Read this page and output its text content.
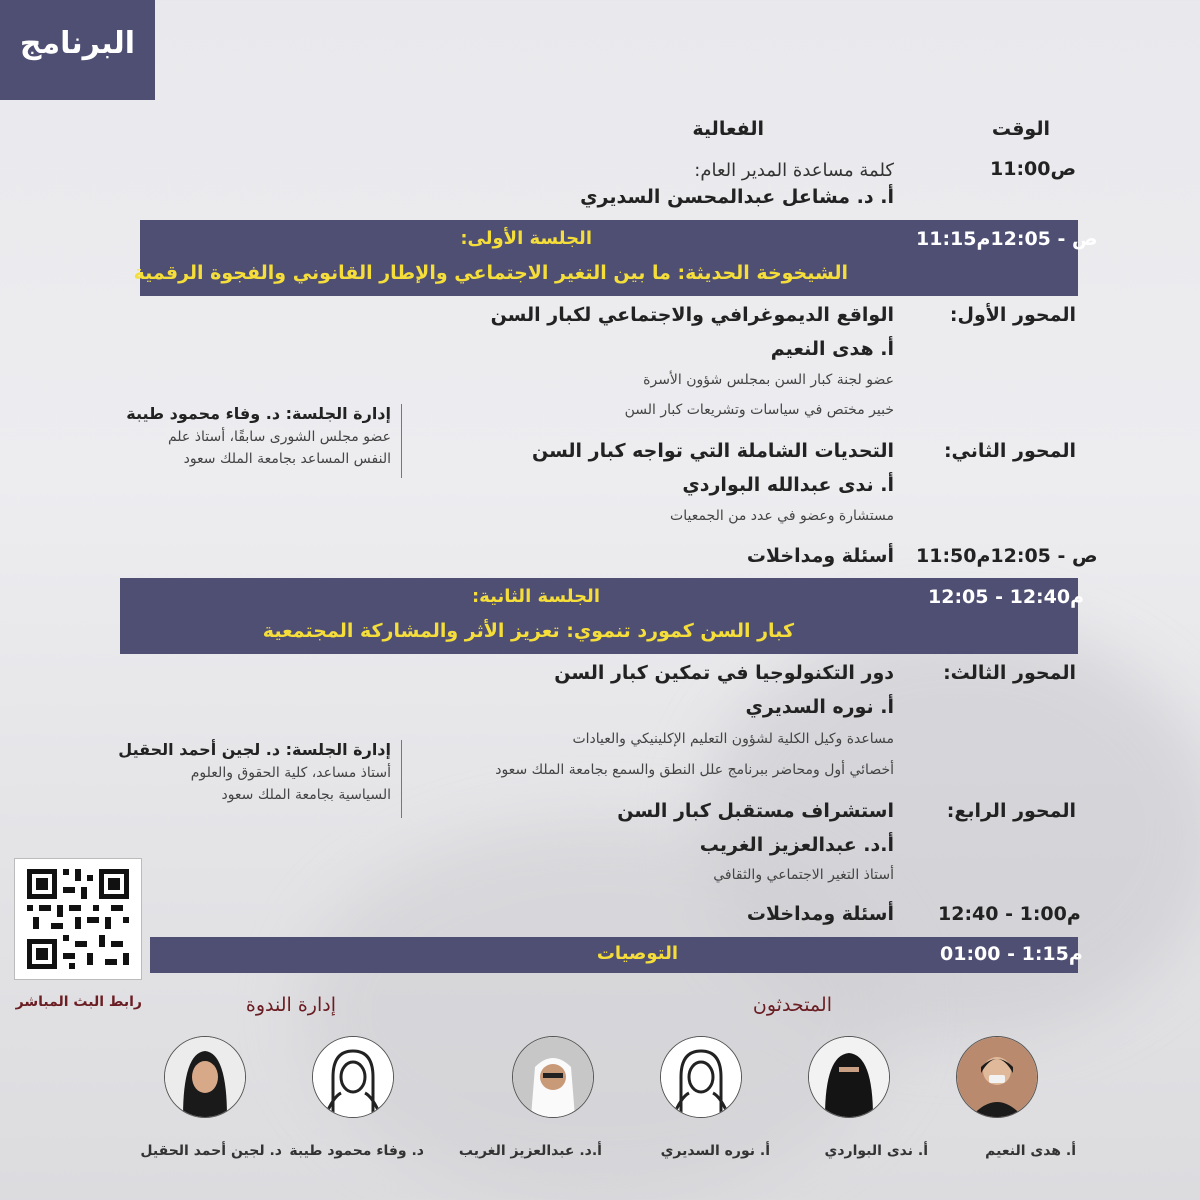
البرنامج
الوقت
الفعالية
11:00ص
كلمة مساعدة المدير العام:
أ. د. مشاعل عبدالمحسن السديري
11:15ص - 12:05م
الجلسة الأولى:
الشيخوخة الحديثة: ما بين التغير الاجتماعي والإطار القانوني والفجوة الرقمية
المحور الأول:
الواقع الديموغرافي والاجتماعي لكبار السن
أ. هدى النعيم
عضو لجنة كبار السن بمجلس شؤون الأسرة
خبير مختص في سياسات وتشريعات كبار السن
إدارة الجلسة: د. وفاء محمود طيبة
عضو مجلس الشورى سابقًا، أستاذ علم
النفس المساعد بجامعة الملك سعود	المحور الثاني:
التحديات الشاملة التي تواجه كبار السن
أ. ندى عبدالله البواردي
مستشارة وعضو في عدد من الجمعيات
11:50ص - 12:05م
أسئلة ومداخلات
12:05 - 12:40م
الجلسة الثانية:
كبار السن كمورد تنموي: تعزيز الأثر والمشاركة المجتمعية
المحور الثالث:
دور التكنولوجيا في تمكين كبار السن
أ. نوره السديري
مساعدة وكيل الكلية لشؤون التعليم الإكلينيكي والعيادات
أخصائي أول ومحاضر ببرنامج علل النطق والسمع بجامعة الملك سعود
إدارة الجلسة: د. لجين أحمد الحقيل
أستاذ مساعد، كلية الحقوق والعلوم
السياسية بجامعة الملك سعود
المحور الرابع:
استشراف مستقبل كبار السن
أ.د. عبدالعزيز الغريب
أستاذ التغير الاجتماعي والثقافي
12:40 - 1:00م
أسئلة ومداخلات
01:00 - 1:15م
التوصيات
رابط البث المباشر	المتحدثون
إدارة الندوة
أ. هدى النعيم
أ. ندى البواردي
أ. نوره السديري
أ.د. عبدالعزيز الغريب
د. وفاء محمود طيبة
د. لجين أحمد الحقيل
